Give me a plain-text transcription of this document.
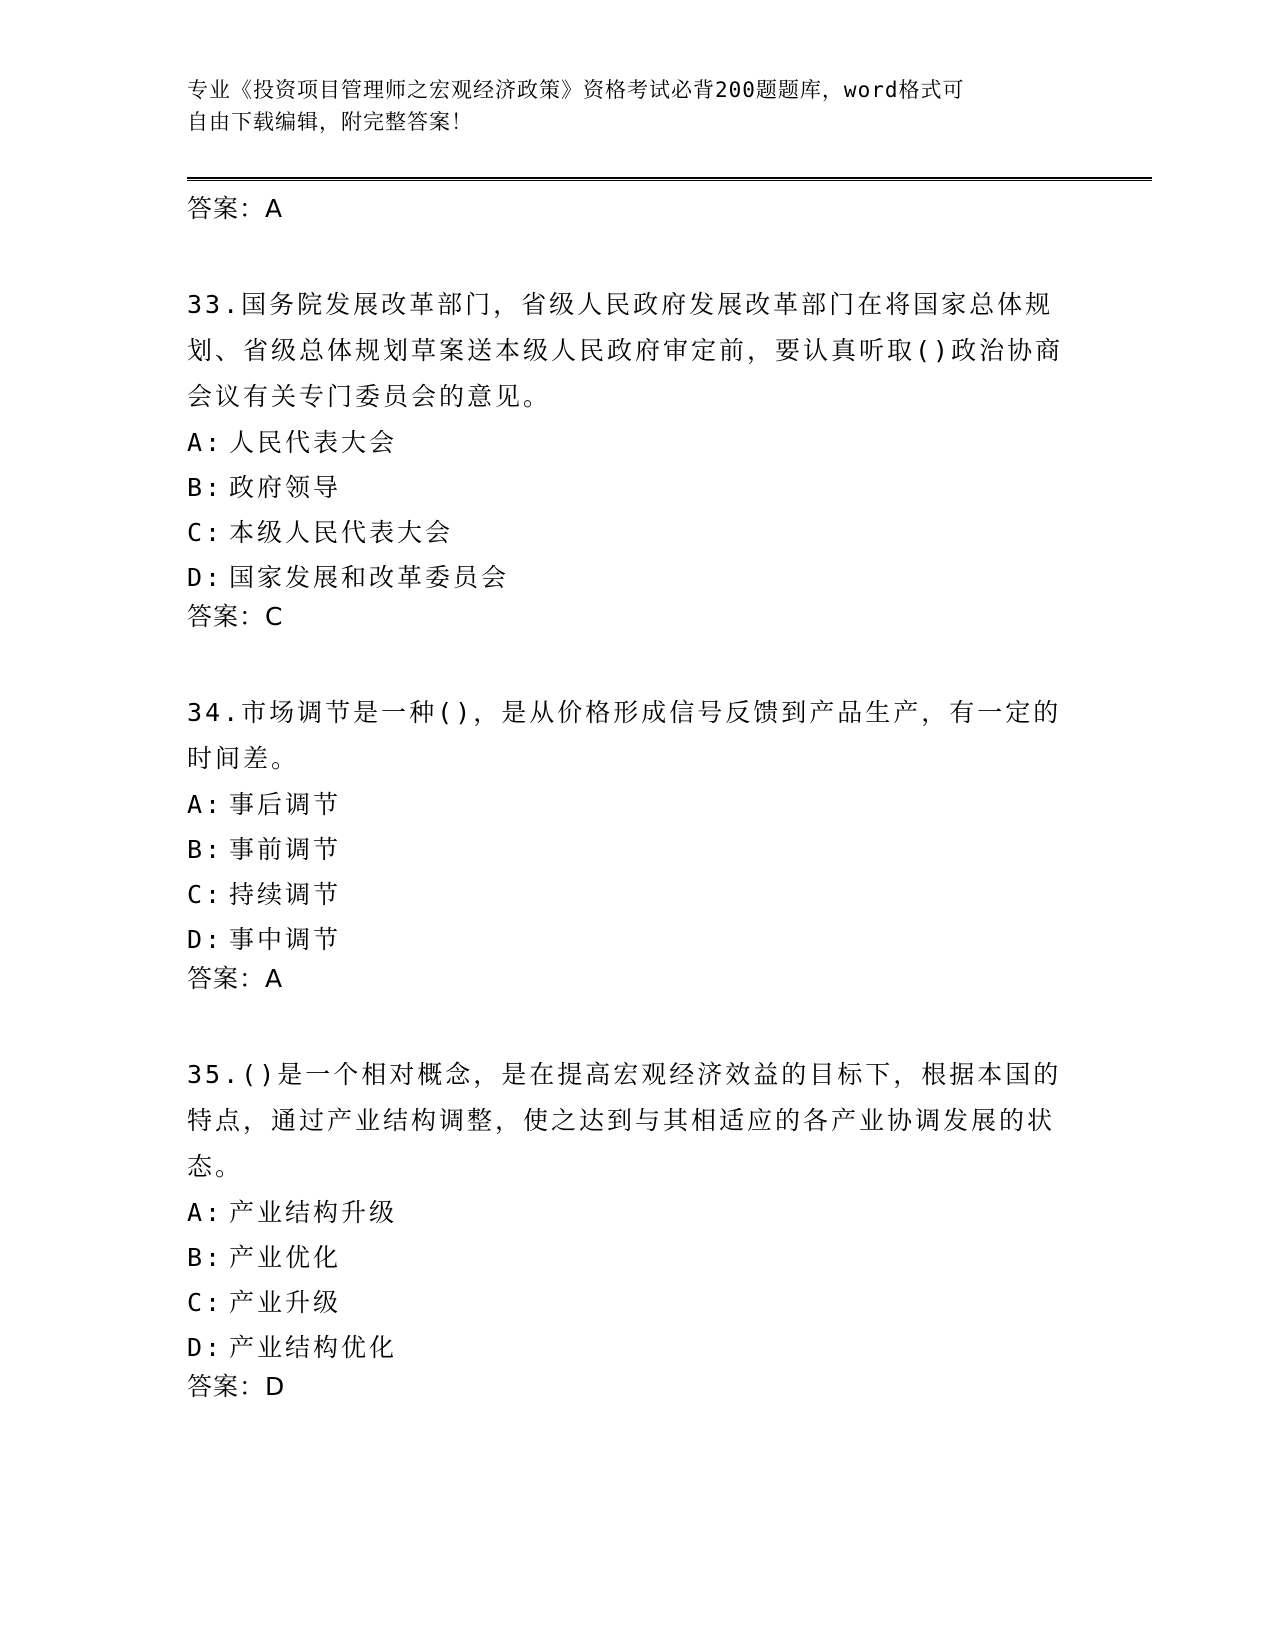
专业《投资项目管理师之宏观经济政策》资格考试必背200题题库，word格式可
自由下载编辑，附完整答案！
答案：A
33.国务院发展改革部门，省级人民政府发展改革部门在将国家总体规划、省级总体规划草案送本级人民政府审定前，要认真听取()政治协商会议有关专门委员会的意见。
A: 人民代表大会
B: 政府领导
C: 本级人民代表大会
D: 国家发展和改革委员会
答案：C
34.市场调节是一种()，是从价格形成信号反馈到产品生产，有一定的时间差。
A: 事后调节
B: 事前调节
C: 持续调节
D: 事中调节
答案：A
35.()是一个相对概念，是在提高宏观经济效益的目标下，根据本国的特点，通过产业结构调整，使之达到与其相适应的各产业协调发展的状态。
A: 产业结构升级
B: 产业优化
C: 产业升级
D: 产业结构优化
答案：D
